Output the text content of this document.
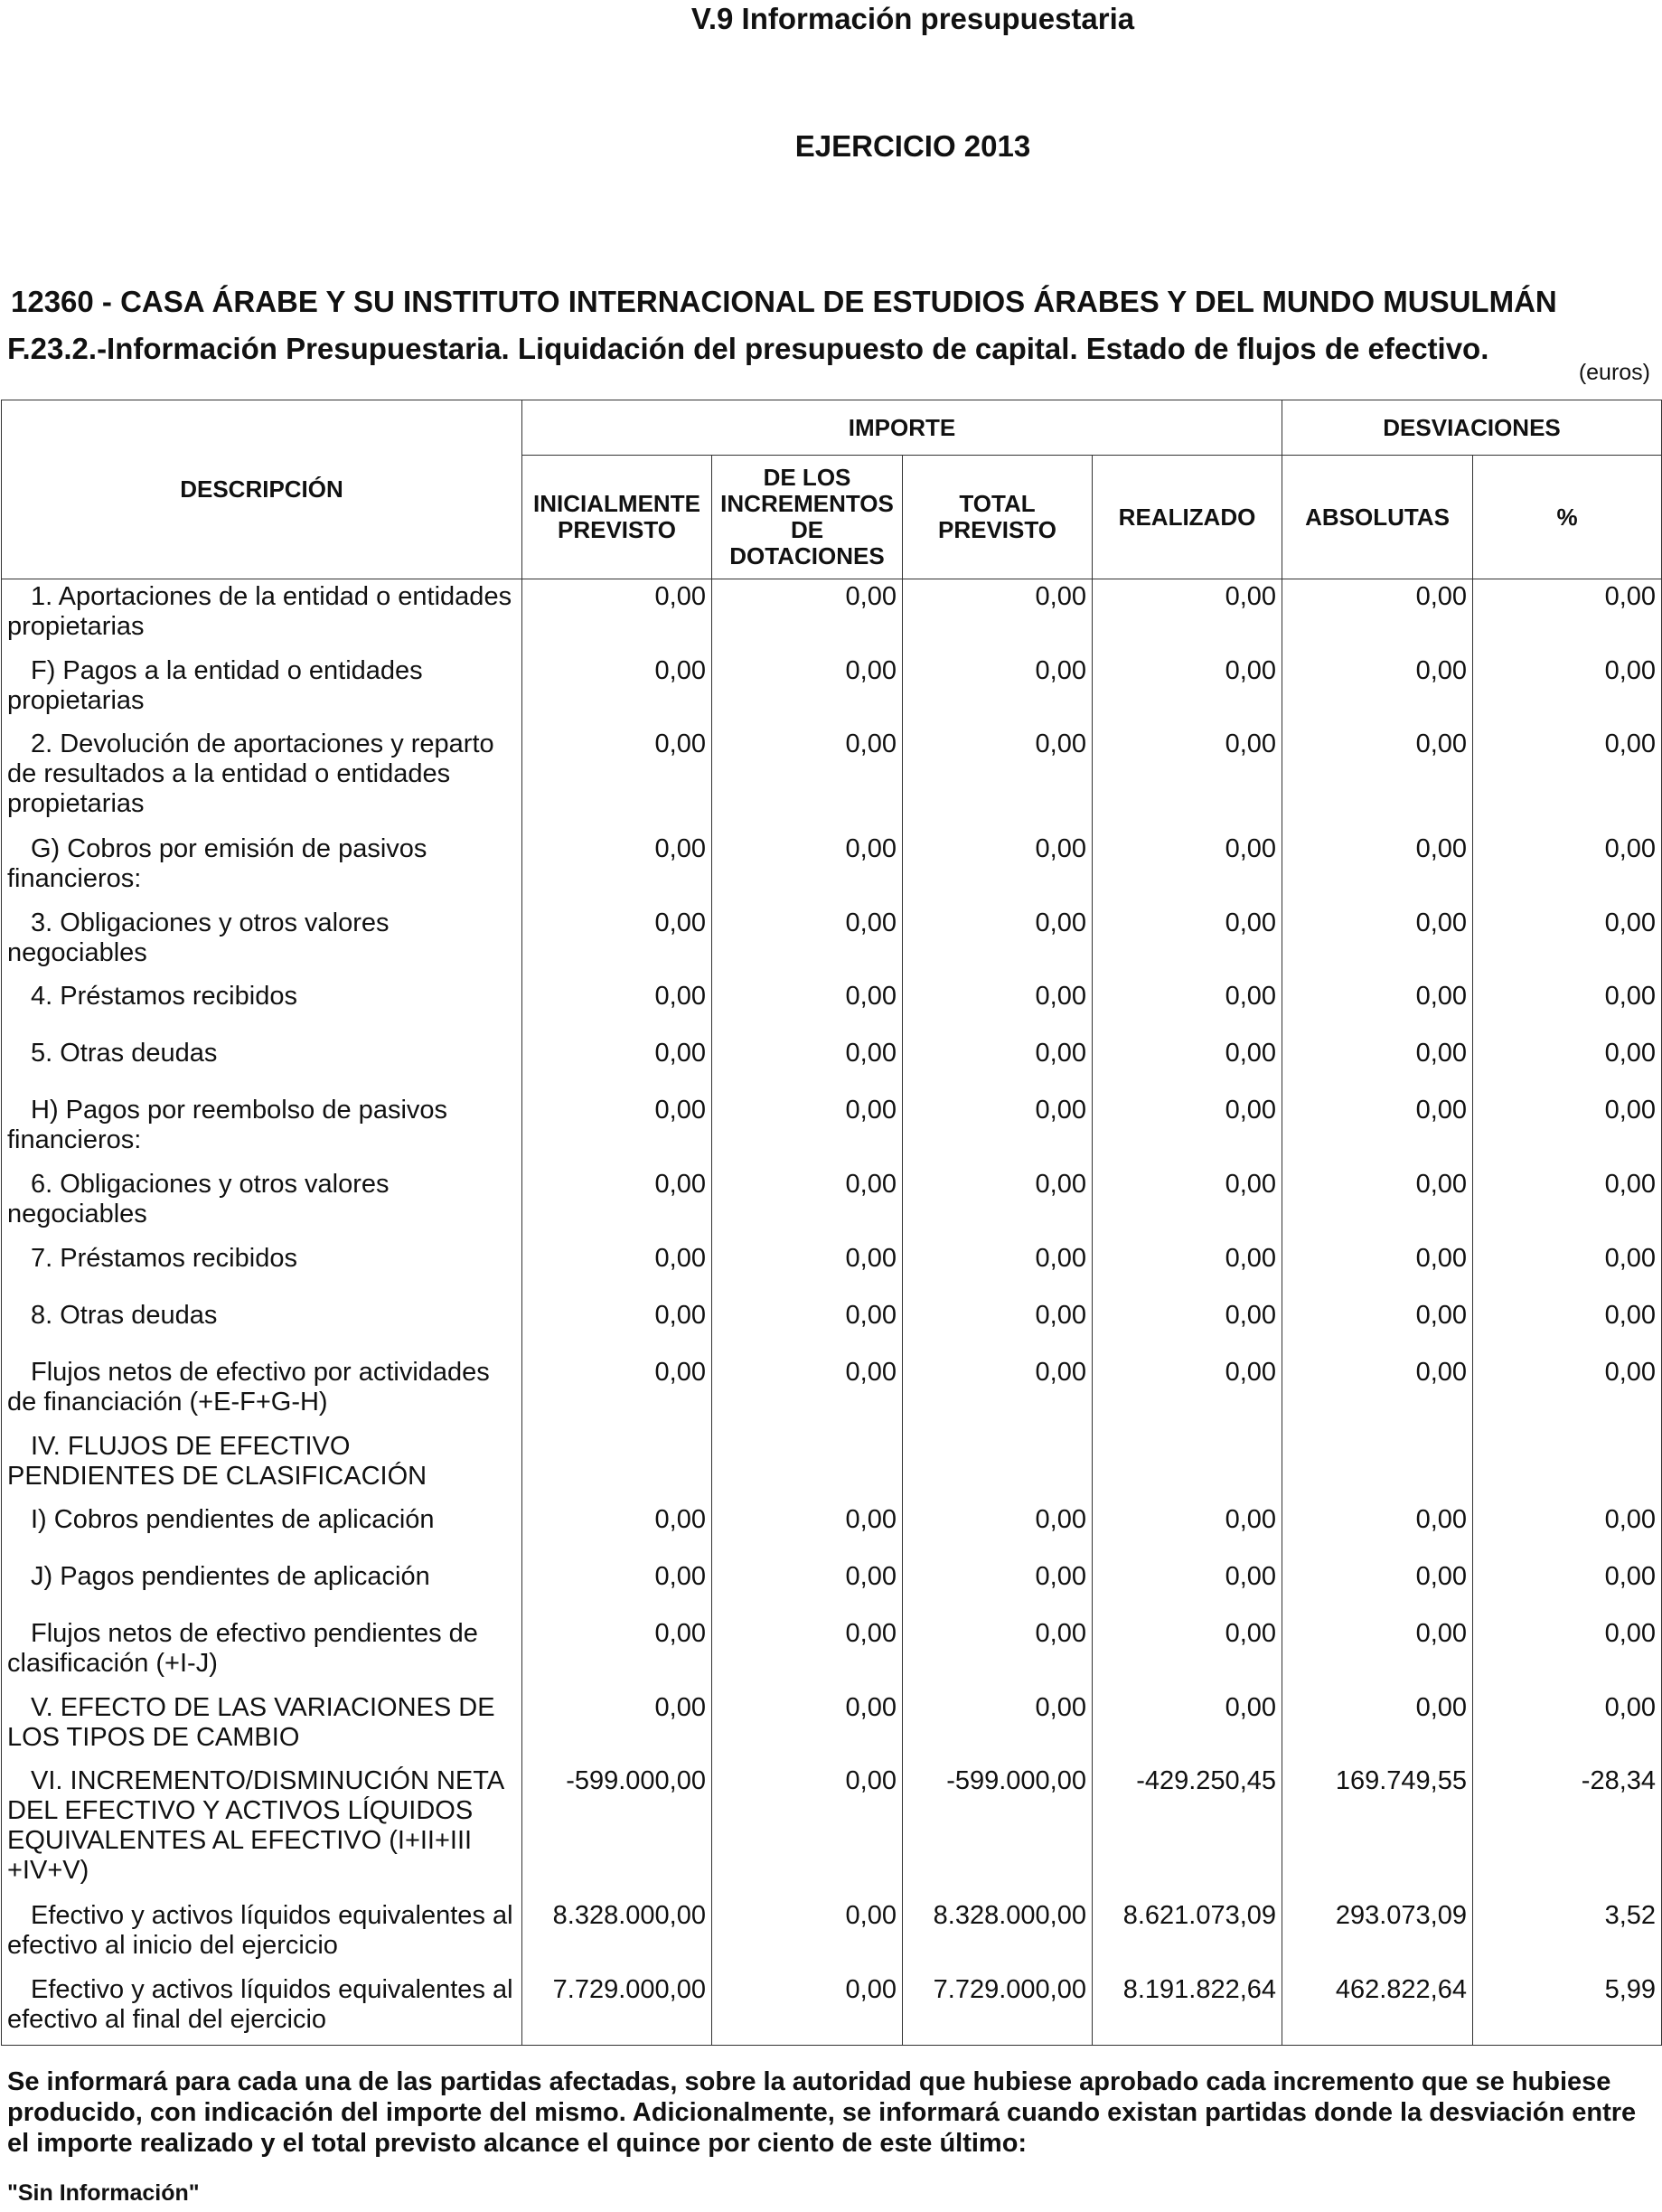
V.9 Información presupuestaria
EJERCICIO 2013
12360 - CASA ÁRABE Y SU INSTITUTO INTERNACIONAL DE ESTUDIOS ÁRABES Y DEL MUNDO MUSULMÁN
F.23.2.-Información Presupuestaria. Liquidación del presupuesto de capital. Estado de flujos de efectivo.
(euros)
DESCRIPCIÓN	IMPORTE				DESVIACIONES	
	INICIALMENTE PREVISTO	DE LOS INCREMENTOS DE DOTACIONES	TOTAL PREVISTO	REALIZADO	ABSOLUTAS	%
1. Aportaciones de la entidad o entidades propietarias	0,00	0,00	0,00	0,00	0,00	0,00
F) Pagos a la entidad o entidades propietarias	0,00	0,00	0,00	0,00	0,00	0,00
2. Devolución de aportaciones y reparto de resultados a la entidad o entidades propietarias	0,00	0,00	0,00	0,00	0,00	0,00
G) Cobros por emisión de pasivos financieros:	0,00	0,00	0,00	0,00	0,00	0,00
3. Obligaciones y otros valores negociables	0,00	0,00	0,00	0,00	0,00	0,00
4. Préstamos recibidos	0,00	0,00	0,00	0,00	0,00	0,00
5. Otras deudas	0,00	0,00	0,00	0,00	0,00	0,00
H) Pagos por reembolso de pasivos financieros:	0,00	0,00	0,00	0,00	0,00	0,00
6. Obligaciones y otros valores negociables	0,00	0,00	0,00	0,00	0,00	0,00
7. Préstamos recibidos	0,00	0,00	0,00	0,00	0,00	0,00
8. Otras deudas	0,00	0,00	0,00	0,00	0,00	0,00
Flujos netos de efectivo por actividades de financiación (+E-F+G-H)	0,00	0,00	0,00	0,00	0,00	0,00
IV. FLUJOS DE EFECTIVO PENDIENTES DE CLASIFICACIÓN						
I) Cobros pendientes de aplicación	0,00	0,00	0,00	0,00	0,00	0,00
J) Pagos pendientes de aplicación	0,00	0,00	0,00	0,00	0,00	0,00
Flujos netos de efectivo pendientes de clasificación (+I-J)	0,00	0,00	0,00	0,00	0,00	0,00
V. EFECTO DE LAS VARIACIONES DE LOS TIPOS DE CAMBIO	0,00	0,00	0,00	0,00	0,00	0,00
VI. INCREMENTO/DISMINUCIÓN NETA DEL EFECTIVO Y ACTIVOS LÍQUIDOS EQUIVALENTES AL EFECTIVO (I+II+III +IV+V)	-599.000,00	0,00	-599.000,00	-429.250,45	169.749,55	-28,34
Efectivo y activos líquidos equivalentes al efectivo al inicio del ejercicio	8.328.000,00	0,00	8.328.000,00	8.621.073,09	293.073,09	3,52
Efectivo y activos líquidos equivalentes al efectivo al final del ejercicio	7.729.000,00	0,00	7.729.000,00	8.191.822,64	462.822,64	5,99
Se informará para cada una de las partidas afectadas, sobre la autoridad que hubiese aprobado cada incremento que se hubiese producido, con indicación del importe del mismo. Adicionalmente, se informará cuando existan partidas donde la desviación entre el importe realizado y el total previsto alcance el quince por ciento de este último:
"Sin Información"
